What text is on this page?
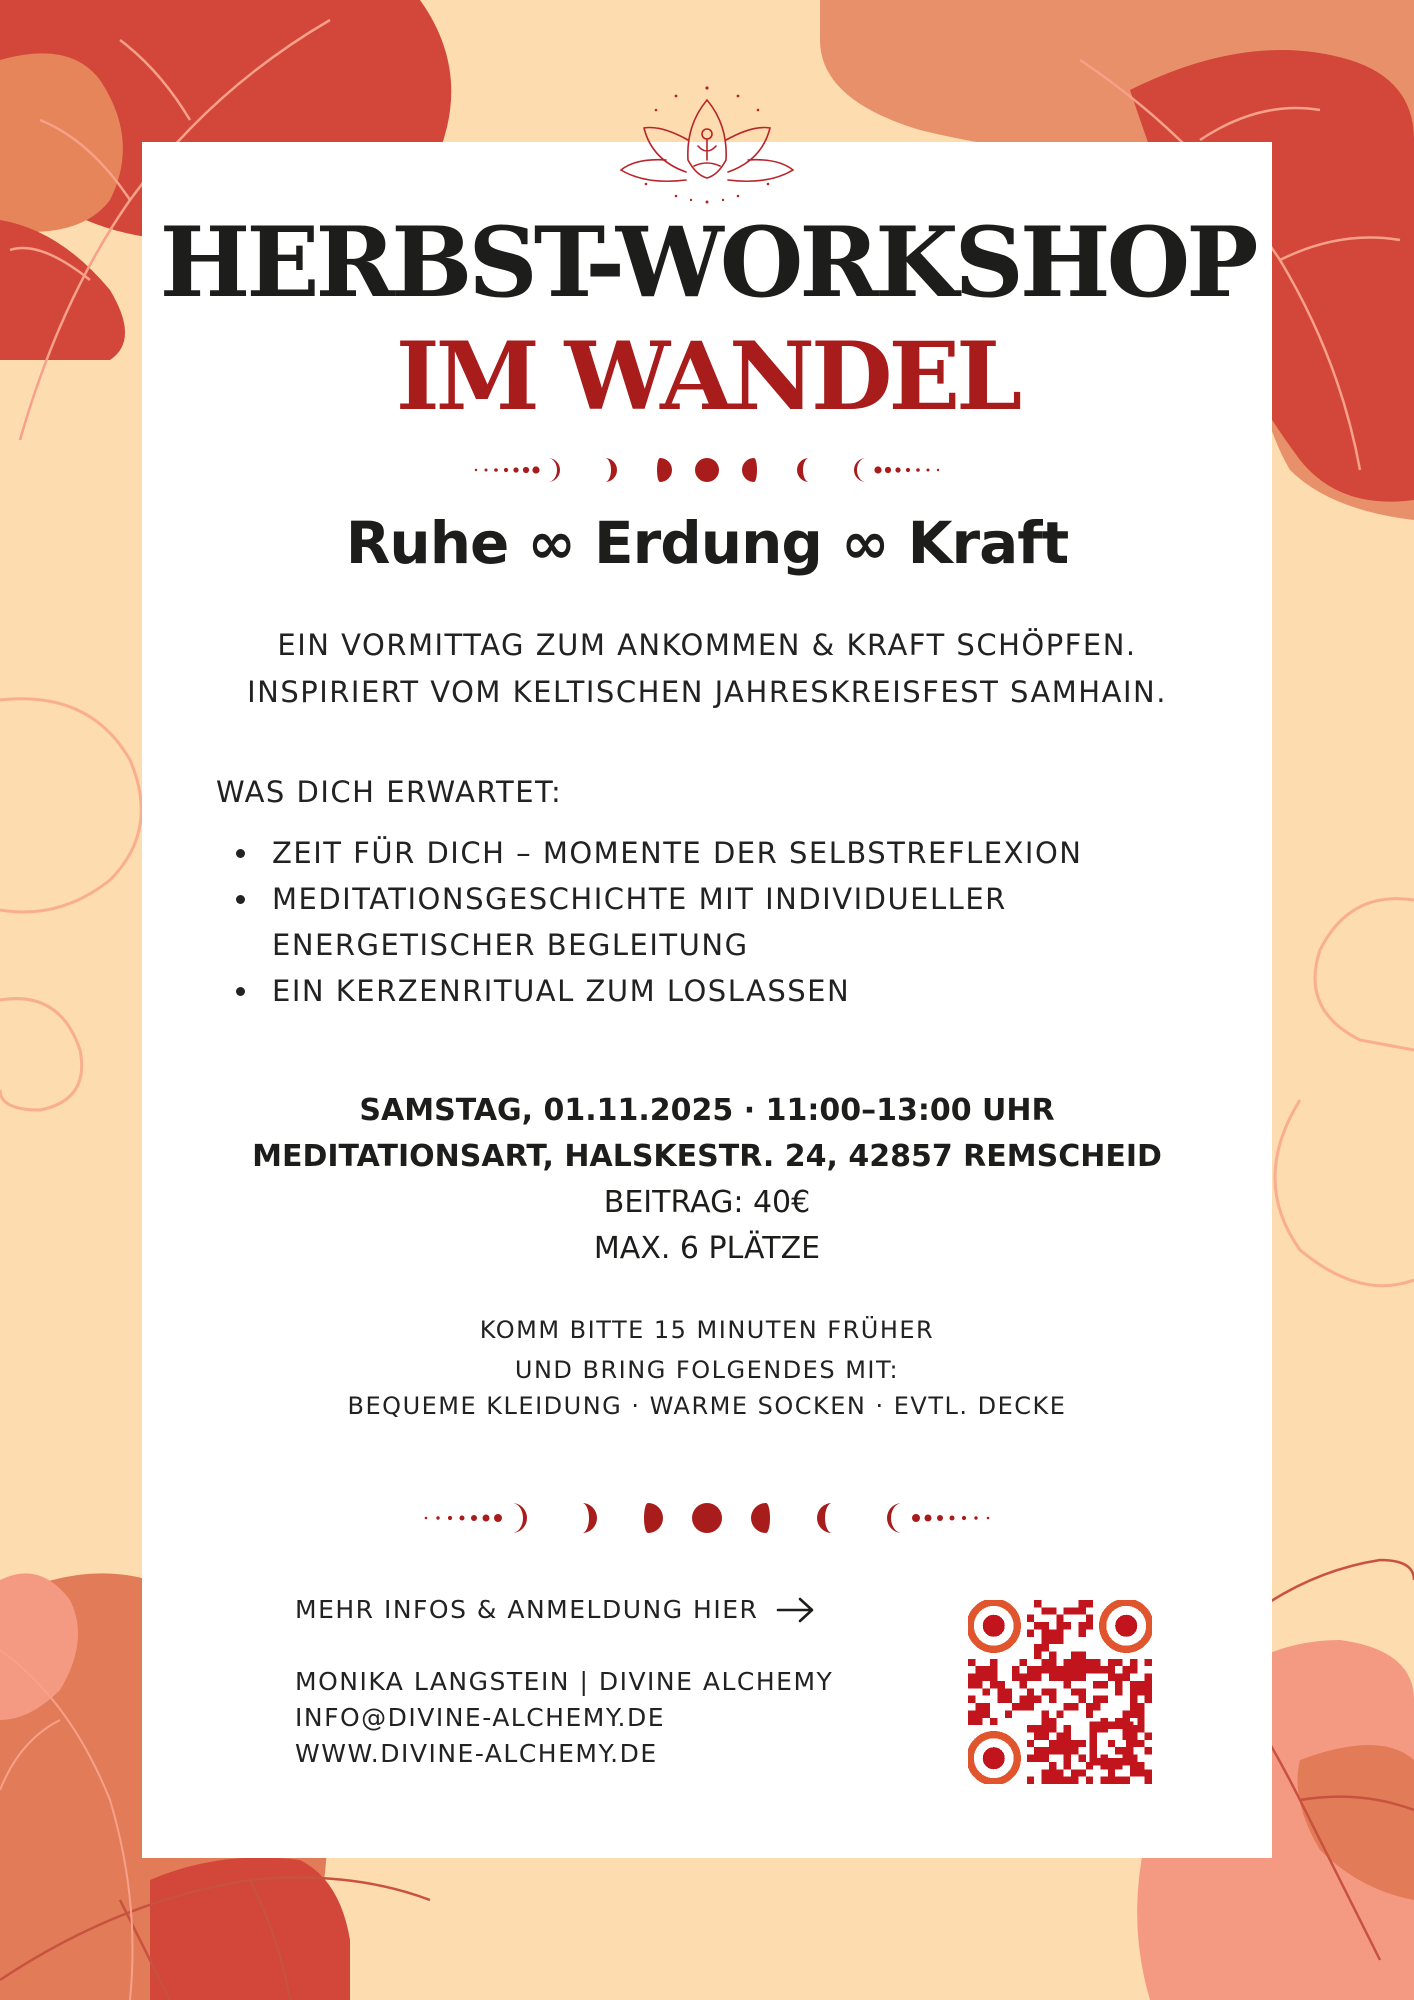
HERBST-WORKSHOP
IM WANDEL
Ruhe ∞ Erdung ∞ Kraft
EIN VORMITTAG ZUM ANKOMMEN & KRAFT SCHÖPFEN.
INSPIRIERT VOM KELTISCHEN JAHRESKREISFEST SAMHAIN.
WAS DICH ERWARTET:
ZEIT FÜR DICH – MOMENTE DER SELBSTREFLEXION
MEDITATIONSGESCHICHTE MIT INDIVIDUELLER ENERGETISCHER BEGLEITUNG
EIN KERZENRITUAL ZUM LOSLASSEN
SAMSTAG, 01.11.2025 · 11:00–13:00 UHR
MEDITATIONSART, HALSKESTR. 24, 42857 REMSCHEID
BEITRAG: 40€
MAX. 6 PLÄTZE
KOMM BITTE 15 MINUTEN FRÜHER
UND BRING FOLGENDES MIT:
BEQUEME KLEIDUNG · WARME SOCKEN · EVTL. DECKE
MEHR INFOS & ANMELDUNG HIER
MONIKA LANGSTEIN | DIVINE ALCHEMY
INFO@DIVINE-ALCHEMY.DE
WWW.DIVINE-ALCHEMY.DE
